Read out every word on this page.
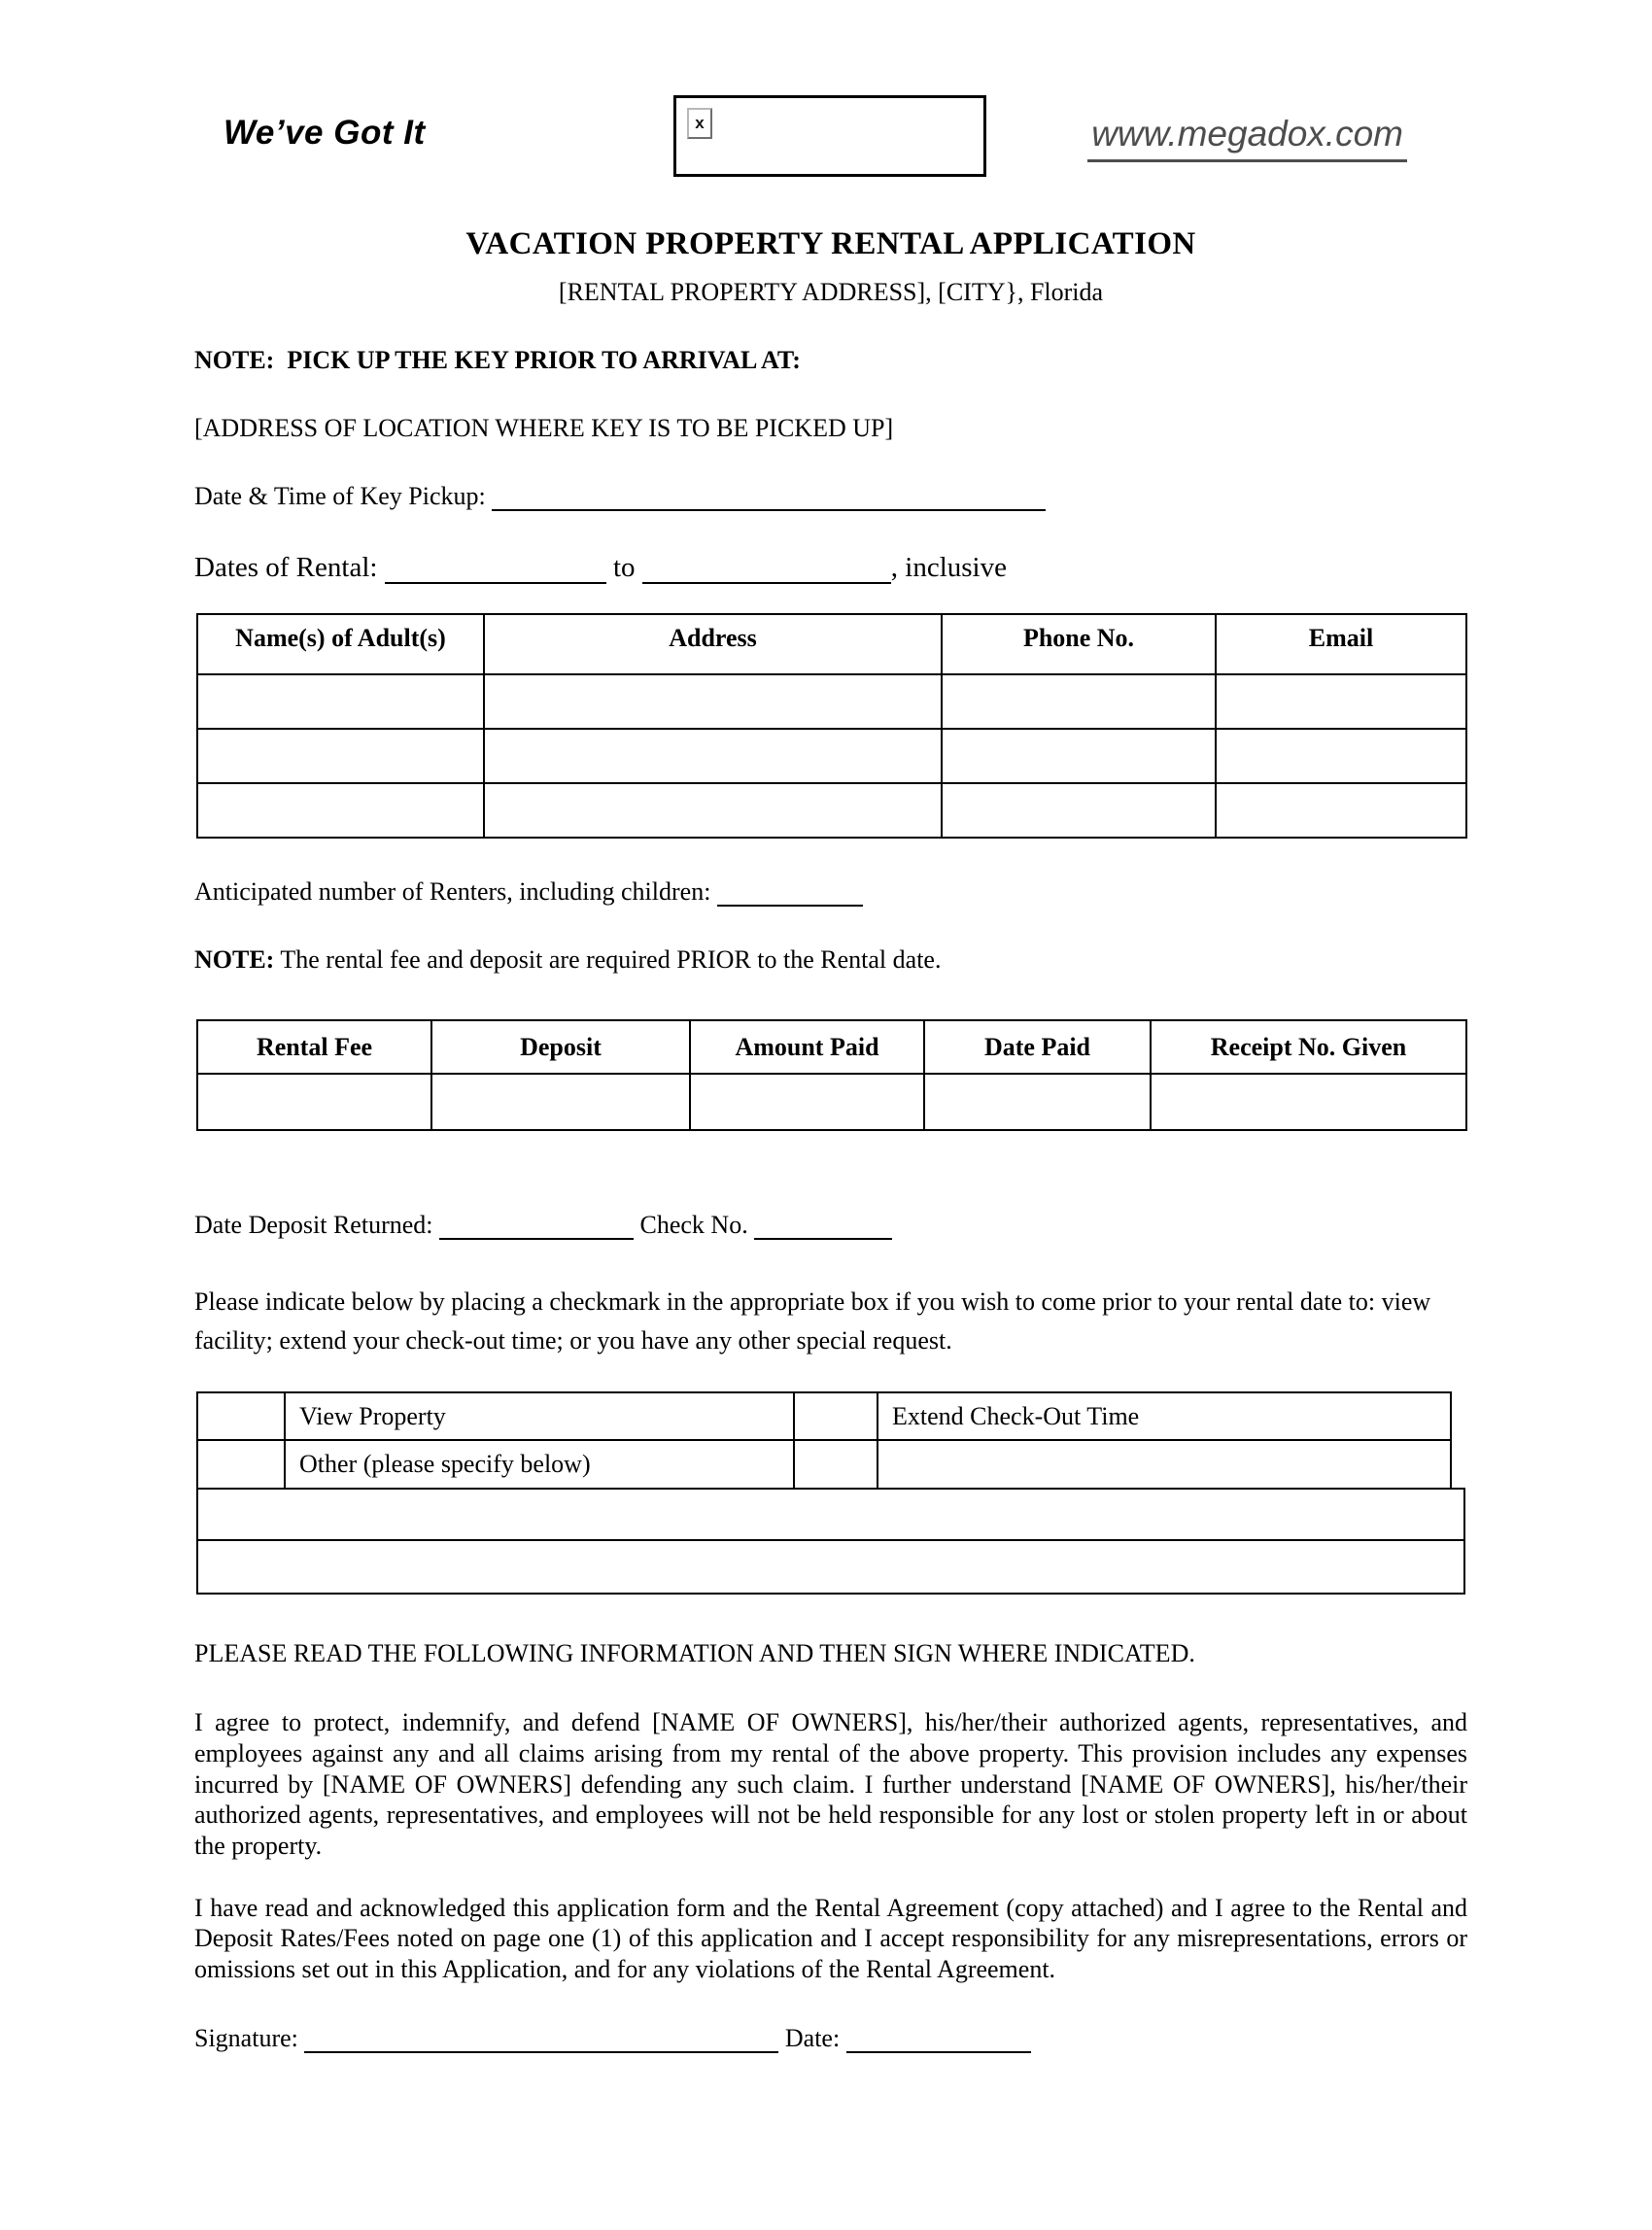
We’ve Got It	x	www.megadox.com
VACATION PROPERTY RENTAL APPLICATION
[RENTAL PROPERTY ADDRESS], [CITY}, Florida
NOTE:  PICK UP THE KEY PRIOR TO ARRIVAL AT:
[ADDRESS OF LOCATION WHERE KEY IS TO BE PICKED UP]
Date & Time of Key Pickup:
Dates of Rental:	to	, inclusive
Name(s) of Adult(s)	Address	Phone No.	Email

Anticipated number of Renters, including children:
NOTE: The rental fee and deposit are required PRIOR to the Rental date.
Rental Fee	Deposit	Amount Paid	Date Paid	Receipt No. Given

Date Deposit Returned:	Check No.
Please indicate below by placing a checkmark in the appropriate box if you wish to come prior to your rental date to: view facility; extend your check-out time; or you have any other special request.
	View Property		Extend Check-Out Time
	Other (please specify below)		
PLEASE READ THE FOLLOWING INFORMATION AND THEN SIGN WHERE INDICATED.
I agree to protect, indemnify, and defend [NAME OF OWNERS], his/her/their authorized agents, representatives, and employees against any and all claims arising from my rental of the above property. This provision includes any expenses incurred by [NAME OF OWNERS] defending any such claim. I further understand [NAME OF OWNERS], his/her/their authorized agents, representatives, and employees will not be held responsible for any lost or stolen property left in or about the property.
I have read and acknowledged this application form and the Rental Agreement (copy attached) and I agree to the Rental and Deposit Rates/Fees noted on page one (1) of this application and I accept responsibility for any misrepresentations, errors or omissions set out in this Application, and for any violations of the Rental Agreement.
Signature:	Date:
